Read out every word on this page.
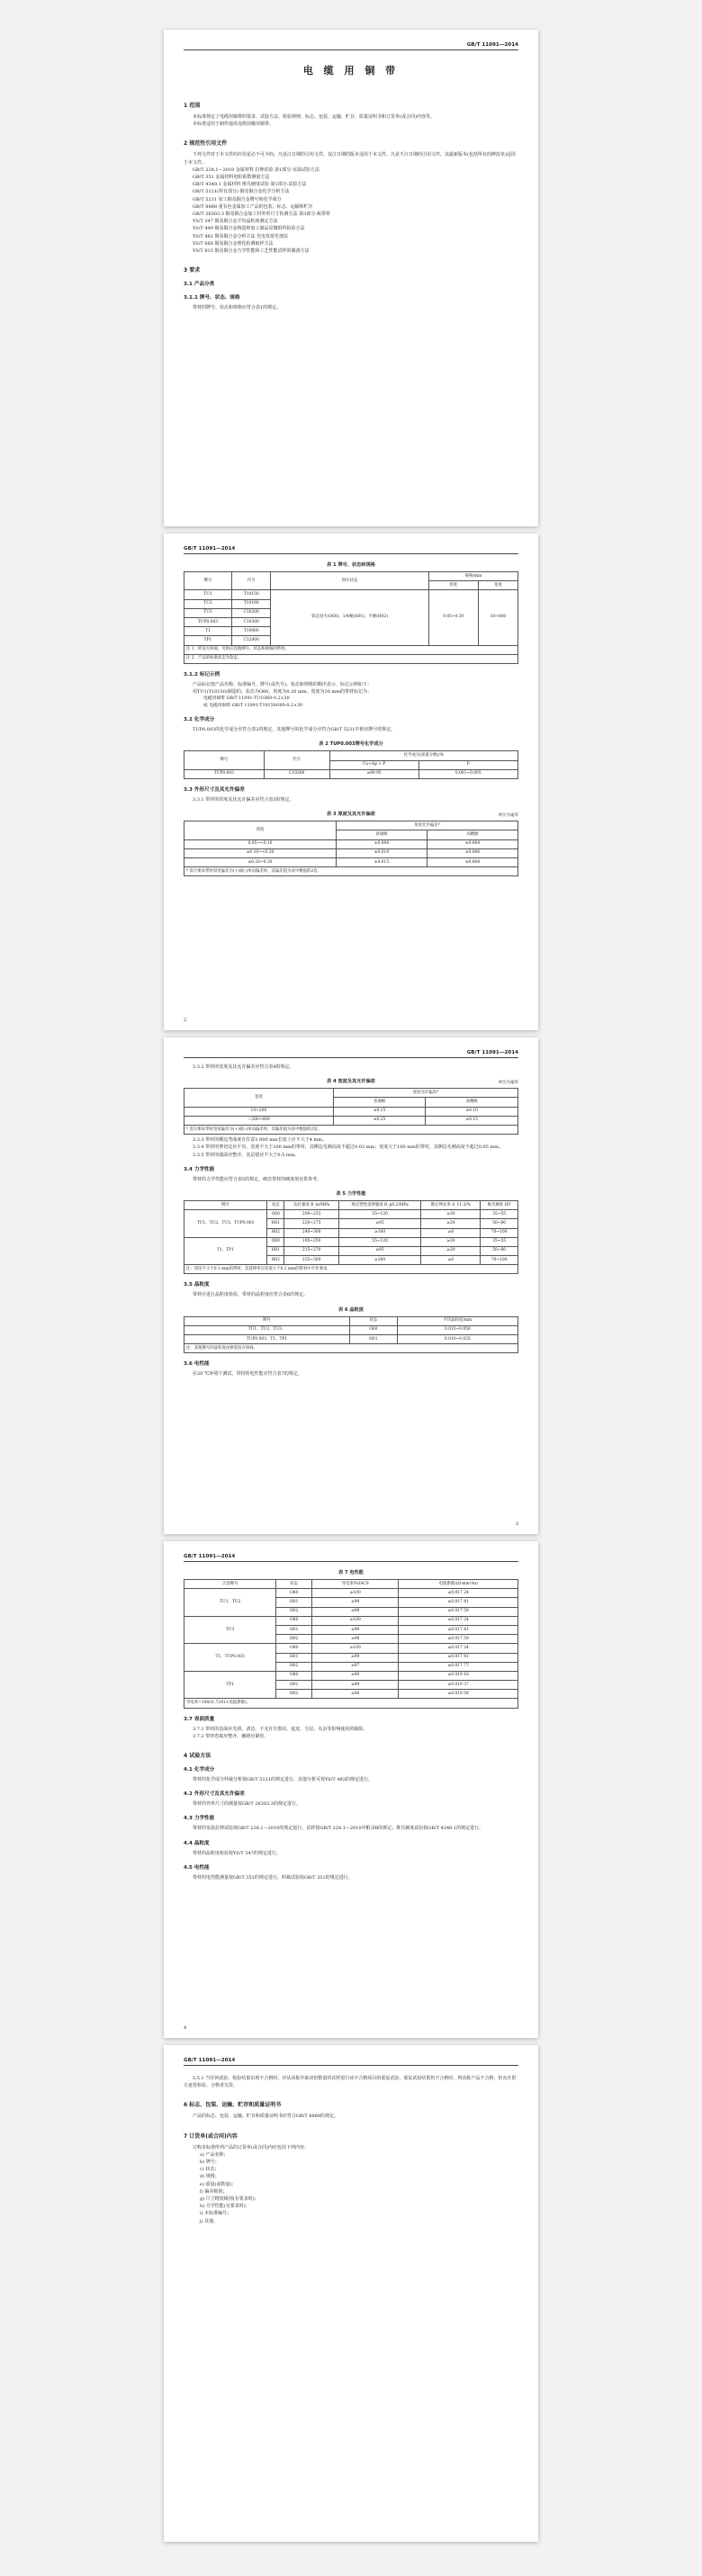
GB/T 11091—2014
电 缆 用 铜 带
1 范围

本标准规定了电缆用铜带的要求、试验方法、检验规则、标志、包装、运输、贮存、质量证明书和订货单(或合同)内容等。

本标准适用于制作通讯电缆屏蔽用铜带。

2 规范性引用文件

下列文件对于本文件的应用是必不可少的。凡是注日期的引用文件，仅注日期的版本适用于本文件。凡是不注日期的引用文件，其最新版本(包括所有的修改单)适用于本文件。

GB/T 228.1—2010 金属材料 拉伸试验 第1部分:室温试验方法

GB/T 351 金属材料电阻系数测量方法

GB/T 4340.1 金属材料 维氏硬度试验 第1部分:试验方法

GB/T 5121(所有部分) 铜及铜合金化学分析方法

GB/T 5231 加工铜及铜合金牌号和化学成分

GB/T 8888 重有色金属加工产品的包装、标志、运输和贮存

GB/T 26303.3 铜及铜合金加工材外形尺寸检测方法 第3部分:板带材

YS/T 347 铜及铜合金平均晶粒度测定方法

YS/T 449 铜及铜合金铸造和加工制品显微组织检验方法

YS/T 482 铜及铜合金分析方法 光电发射光谱法

YS/T 668 铜及铜合金理化检测取样方法

YS/T 815 铜及铜合金力学性能和工艺性能试样的制备方法

3 要求
3.1 产品分类
3.1.1 牌号、状态、规格

带材的牌号、状态和规格应符合表1的规定。

GB/T 11091—2014
表 1 牌号、状态和规格
牌号	代号	供应状态	规格/mm	
			厚度	宽度
TU1	T10150	软态退火(O60)、1/4硬(H01)、半硬(H02)	0.05~0.30	10~800
TU2	T10180			
TU3	C10200			
TUP0.003	C10300			
T1	T10900			
TP1	C12000			
注 1：经双方协商，可供应其他牌号、状态和规格的带材。				
注 2：产品的标准状态为软态。				
3.1.2 标记示例

产品标记按产品名称、标准编号、牌号(或代号)、状态和规格的顺序表示，标记示例如下：

用TU1(T10150)制造的、状态为O60、厚度为0.20 mm、宽度为30 mm的带材标记为：

电缆用铜带 GB/T 11091-TU1O60-0.2×30

或 电缆用铜带 GB/T 11091-T10150O60-0.2×30

3.2 化学成分

TUP0.003的化学成分应符合表2的规定，其他牌号的化学成分应符合GB/T 5231中相应牌号的规定。

表 2 TUP0.003牌号化学成分
牌号	代号	化学成分(质量分数)/%	
		Cu+Ag + P	P
TUP0.003	C10300	≥99.95	0.001~0.005
3.3 外形尺寸及其允许偏差

3.3.1 带材的厚度及其允许偏差应符合表3的规定。

表 3 厚度及其允许偏差	单位为毫米
厚度	厚度允许偏差ª	
	普通级	高精级
0.05~<0.10	±0.006	±0.004
≥0.10~<0.20	±0.010	±0.006
≥0.20~0.30	±0.015	±0.008
ª 需方要求带材厚度偏差为(+)或(-)单向偏差时，其偏差值为表中数值的2倍。		
2
GB/T 11091—2014

3.3.2 带材的宽度及其允许偏差应符合表4的规定。

表 4 宽度及其允许偏差	单位为毫米
宽度	宽度允许偏差ª	
	普通级	高精级
10~200	±0.15	±0.10
＞200~800	±0.25	±0.15
ª 需方要求带材宽度偏差为(+)或(-)单向偏差时，其偏差值为表中数值的2倍。		

3.3.3 带材的侧边弯曲度在任意1 000 mm长度上应不大于4 mm。

3.3.4 带材的剪切边应平直，宽度不大于100 mm的带材，其侧边毛刺高度不超过0.03 mm；宽度大于100 mm的带材，其侧边毛刺高度不超过0.05 mm。

3.3.5 带材的端面应整齐，其层错应不大于0.5 mm。

3.4 力学性能

带材的力学性能应符合表5的规定，硬态带材的硬度值仅供参考。

表 5 力学性能
牌号	状态	抗拉强度 R_m/MPa	规定塑性延伸强度 R_p0.2/MPa	断后伸长率 A_11.3/%	维氏硬度 HV
TU1、TU2、TU3、TUP0.003	O60	200~255	55~120	≥30	35~55
	H01	220~275	≥95	≥20	50~80
	H02	240~300	≥160	≥8	70~100
T1、TP1	O60	195~250	55~120	≥30	35~55
	H01	215~270	≥95	≥20	50~80
	H02	235~300	≥160	≥8	70~100
注：厚度不小于0.1 mm的带材，其延伸率在厚度小于0.1 mm的带材中不作要求。					
3.5 晶粒度

带材应进行晶粒度检验，带材的晶粒度应符合表6的规定。

表 6 晶粒度
牌号	状态	平均晶粒度/mm
TU1、TU2、TU3、	O60	0.015~0.050
TUP0.003、T1、TP1	H01	0.010~0.035
注：其他牌号的晶粒度由供需双方协商。		
3.6 电性能

在20 ℃环境下测试，带材的电性能应符合表7的规定。

3
GB/T 11091—2014
表 7 电性能
合金牌号	状态	导电率/%IACS	电阻系数/(Ω·mm²/m)
TU1、TU2	O60	≥100	≤0.017 24
	H01	≥99	≤0.017 41
	H02	≥98	≤0.017 59
TU3	O60	≥100	≤0.017 24
	H01	≥99	≤0.017 41
	H02	≥98	≤0.017 59
T1、TUP0.003	O60	≥100	≤0.017 24
	H01	≥99	≤0.017 41
	H02	≥97	≤0.017 77
TP1	O60	≥90	≤0.019 16
	H01	≥89	≤0.019 37
	H02	≥88	≤0.019 59
导电率=100/(1.7241×电阻系数)。			
3.7 表面质量

3.7.1 带材的表面应光滑、清洁，不允许有裂纹、起皮、分层、夹杂等影响使用的缺陷。

3.7.2 带材卷取应整齐，缠绕应紧密。

4 试验方法
4.1 化学成分

带材的化学成分仲裁分析按GB/T 5121的规定进行，其他分析可按YS/T 482的规定进行。

4.2 外形尺寸及其允许偏差

带材的外形尺寸的测量按GB/T 26303.3的规定进行。

4.3 力学性能

带材的室温拉伸试验按GB/T 228.1—2010的规定进行，试样按GB/T 228.1—2010中附录B的规定；维氏硬度试验按GB/T 4340.1的规定进行。

4.4 晶粒度

带材的晶粒度检验按YS/T 347的规定进行。

4.5 电性能

带材的电性能测量按GB/T 351的规定进行，仲裁试验按GB/T 351的规定进行。

4
GB/T 11091—2014

5.5.1 当任何试验、检验结果出现不合格时，应从该批中取双倍数量的试样进行该不合格项目的重复试验，重复试验结果仍不合格时，判该批产品不合格，但允许供方逐卷检验，合格者交货。

6 标志、包装、运输、贮存和质量证明书

产品的标志、包装、运输、贮存和质量证明书应符合GB/T 8888的规定。

7 订货单(或合同)内容

订购本标准所列产品的订货单(或合同)内应包括下列内容：

a) 产品名称；

b) 牌号；

c) 状态；

d) 规格；

e) 重量(或数量)；

f) 偏差级别；

g) 尺寸精度级别(有要求时)；

h) 力学性能(有要求时)；

i) 本标准编号；

j) 其他。
